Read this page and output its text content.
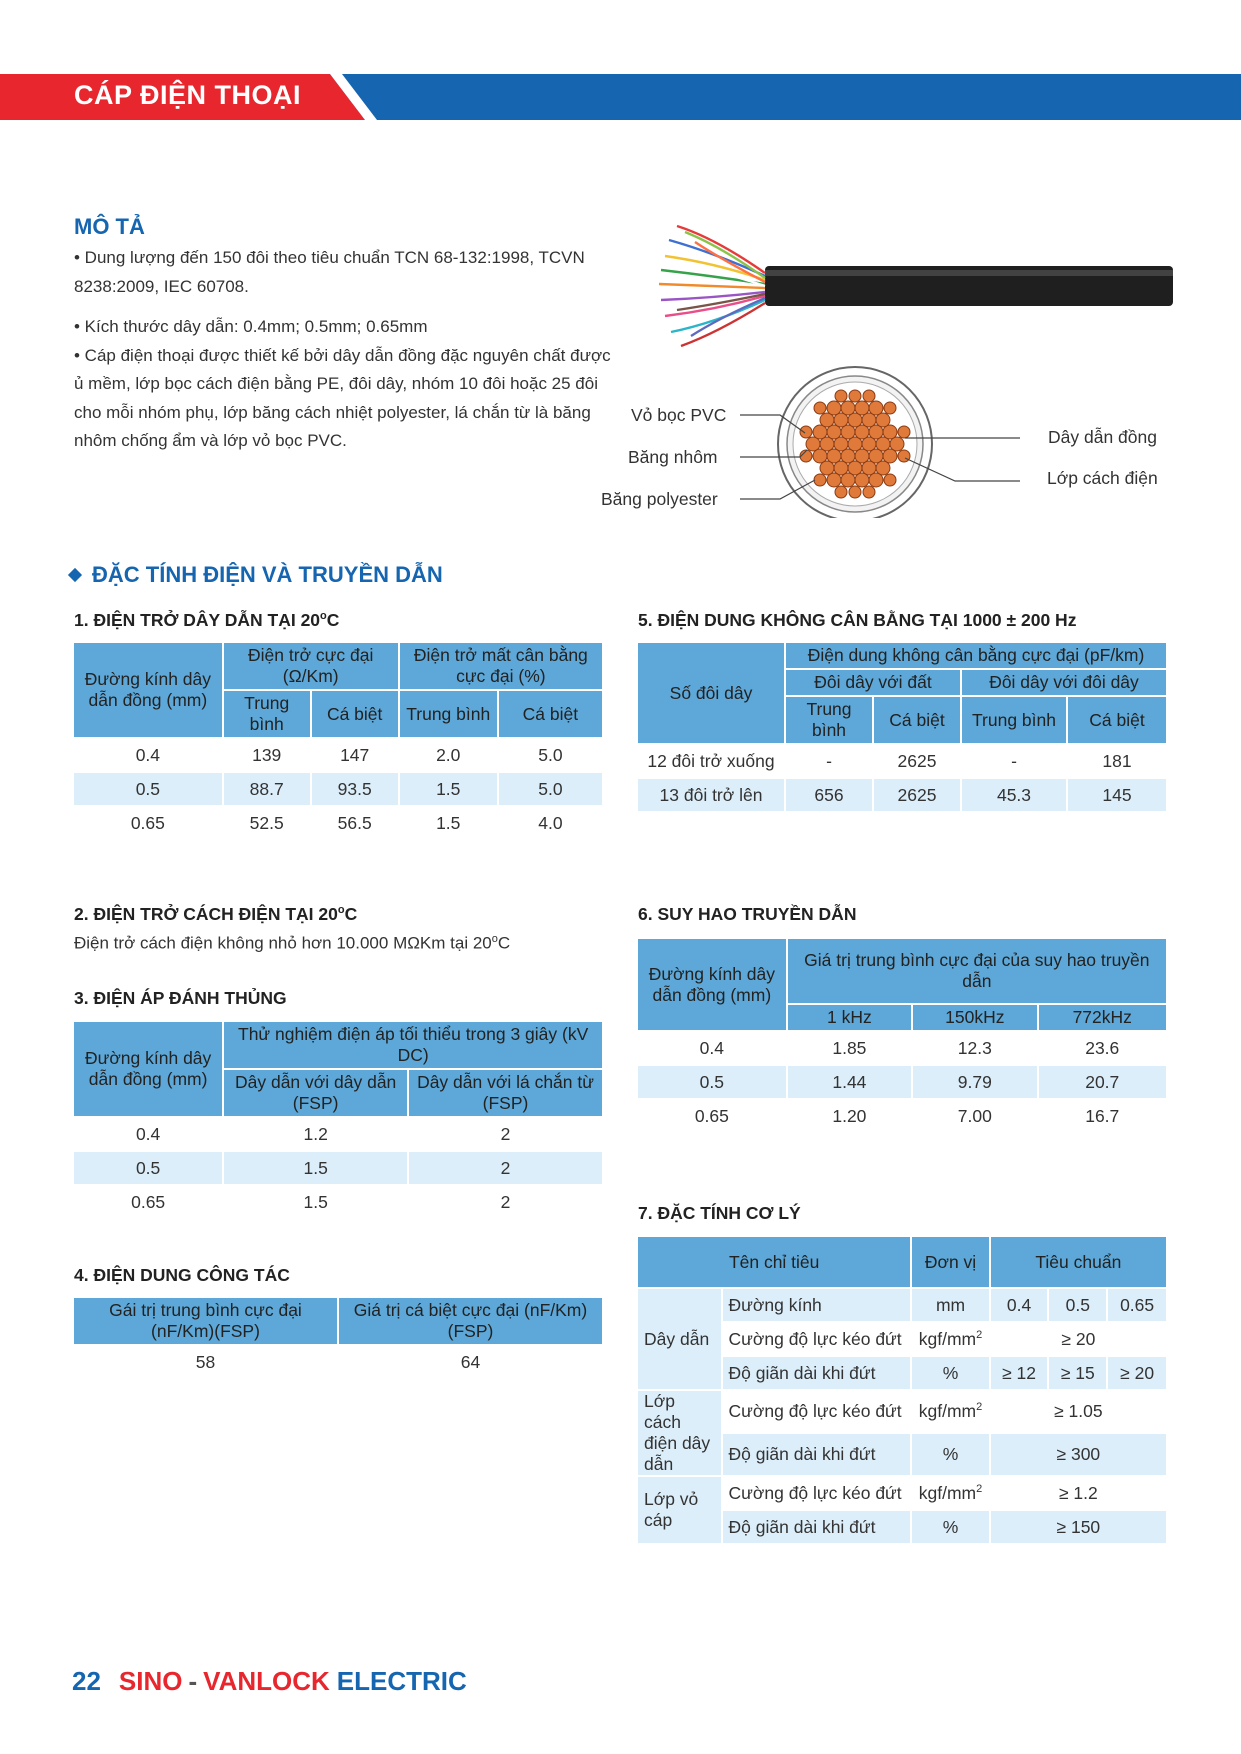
CÁP ĐIỆN THOẠI
MÔ TẢ

• Dung lượng đến 150 đôi theo tiêu chuẩn TCN 68-132:1998, TCVN 8238:2009, IEC 60708.

• Kích thước dây dẫn: 0.4mm; 0.5mm; 0.65mm

• Cáp điện thoại được thiết kế bởi dây dẫn đồng đặc nguyên chất được ủ mềm, lớp bọc cách điện bằng PE, đôi dây, nhóm 10 đôi hoặc 25 đôi cho mỗi nhóm phụ, lớp băng cách nhiệt polyester, lá chắn từ là băng nhôm chống ẩm và lớp vỏ bọc PVC.

Vỏ bọc PVC
Băng nhôm
Băng polyester
Dây dẫn đồng
Lớp cách điện
ĐẶC TÍNH ĐIỆN VÀ TRUYỀN DẪN
1. ĐIỆN TRỞ DÂY DẪN TẠI 20$^o$C
Đường kính dây dẫn đồng (mm)	Điện trở cực đại (Ω/Km)		Điện trở mất cân bằng cực đại (%)	
	Trung bình	Cá biệt	Trung bình	Cá biệt
0.4	139	147	2.0	5.0
0.5	88.7	93.5	1.5	5.0
0.65	52.5	56.5	1.5	4.0
2. ĐIỆN TRỞ CÁCH ĐIỆN TẠI 20$^o$C
Điện trở cách điện không nhỏ hơn 10.000 MΩKm tại 20$^o$C
3. ĐIỆN ÁP ĐÁNH THỦNG
Đường kính dây dẫn đồng (mm)	Thử nghiệm điện áp tối thiểu trong 3 giây (kV DC)	
	Dây dẫn với dây dẫn (FSP)	Dây dẫn với lá chắn từ (FSP)
0.4	1.2	2
0.5	1.5	2
0.65	1.5	2
4. ĐIỆN DUNG CÔNG TÁC
Gái trị trung bình cực đại (nF/Km)(FSP)	Giá trị cá biệt cực đại (nF/Km)(FSP)
58	64
5. ĐIỆN DUNG KHÔNG CÂN BẰNG TẠI 1000 ± 200 Hz
Số đôi dây	Điện dung không cân bằng cực đại (pF/km)			
	Đôi dây với đất		Đôi dây với đôi dây	
	Trung bình	Cá biệt	Trung bình	Cá biệt
12 đôi trở xuống	-	2625	-	181
13 đôi trở lên	656	2625	45.3	145
6. SUY HAO TRUYỀN DẪN
Đường kính dây dẫn đồng (mm)	Giá trị trung bình cực đại của suy hao truyền dẫn		
	1 kHz	150kHz	772kHz
0.4	1.85	12.3	23.6
0.5	1.44	9.79	20.7
0.65	1.20	7.00	16.7
7. ĐẶC TÍNH CƠ LÝ
Tên chỉ tiêu		Đơn vị	Tiêu chuẩn		
Dây dẫn	Đường kính	mm	0.4	0.5	0.65
	Cường độ lực kéo đứt	kgf/$mm^2$	≥ 20		
	Độ giãn dài khi đứt	%	≥ 12	≥ 15	≥ 20
Lớp cách điện dây dẫn	Cường độ lực kéo đứt	kgf/$mm^2$	≥ 1.05		
	Độ giãn dài khi đứt	%	≥ 300		
Lớp vỏ cáp	Cường độ lực kéo đứt	kgf/$mm^2$	≥ 1.2		
	Độ giãn dài khi đứt	%	≥ 150		
22 SINO - VANLOCK ELECTRIC
